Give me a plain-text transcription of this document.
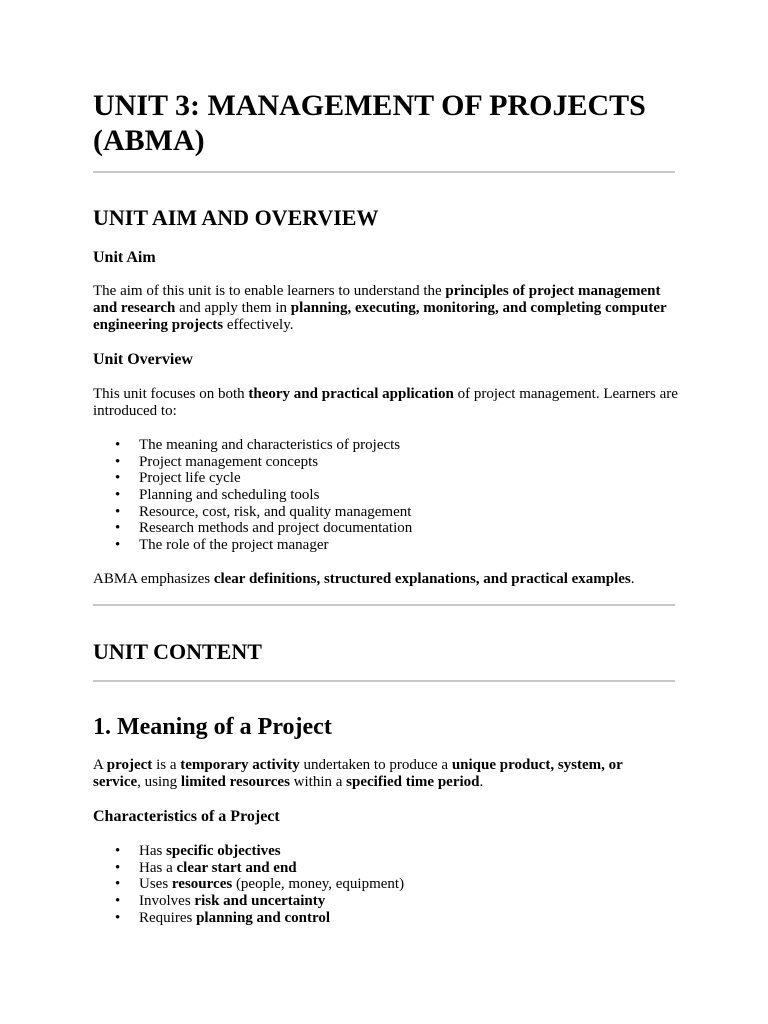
UNIT 3: MANAGEMENT OF PROJECTS
(ABMA)
UNIT AIM AND OVERVIEW
Unit Aim

The aim of this unit is to enable learners to understand the principles of project management and research and apply them in planning, executing, monitoring, and completing computer engineering projects effectively.

Unit Overview

This unit focuses on both theory and practical application of project management. Learners are introduced to:

• The meaning and characteristics of projects
• Project management concepts
• Project life cycle
• Planning and scheduling tools
• Resource, cost, risk, and quality management
• Research methods and project documentation
• The role of the project manager

ABMA emphasizes clear definitions, structured explanations, and practical examples.

UNIT CONTENT
1. Meaning of a Project

A project is a temporary activity undertaken to produce a unique product, system, or service, using limited resources within a specified time period.

Characteristics of a Project
• Has specific objectives
• Has a clear start and end
• Uses resources (people, money, equipment)
• Involves risk and uncertainty
• Requires planning and control
